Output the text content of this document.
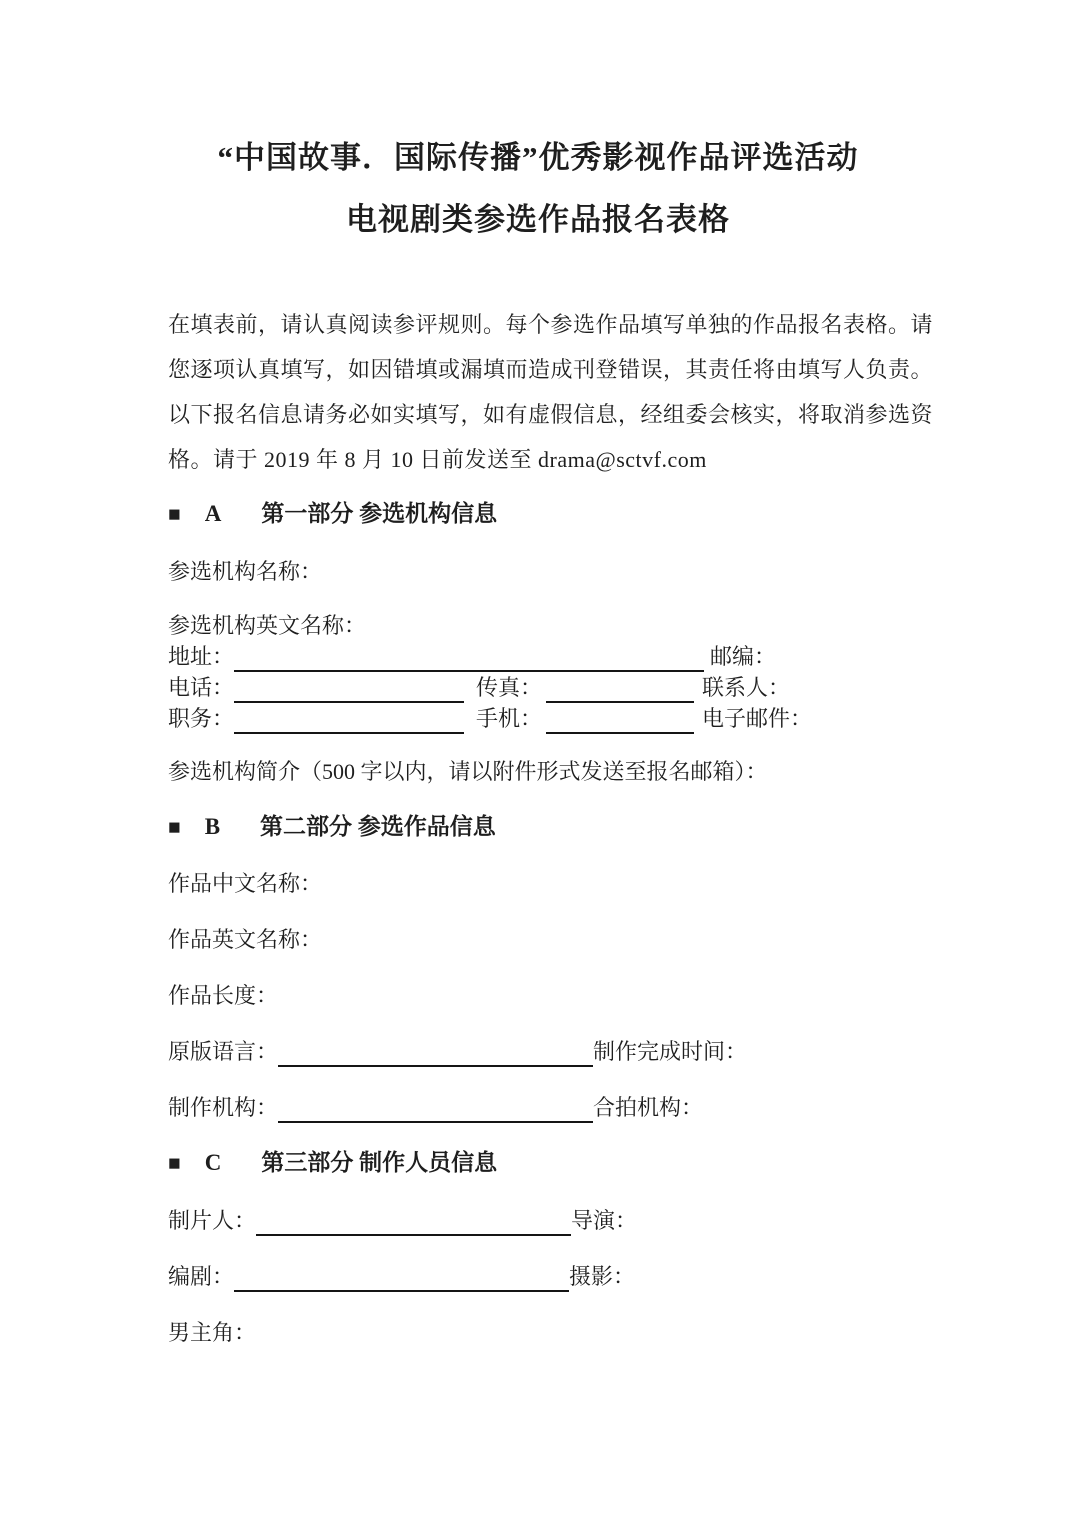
“中国故事．国际传播”优秀影视作品评选活动
电视剧类参选作品报名表格
在填表前，请认真阅读参评规则。每个参选作品填写单独的作品报名表格。请
您逐项认真填写，如因错填或漏填而造成刊登错误，其责任将由填写人负责。
以下报名信息请务必如实填写，如有虚假信息，经组委会核实，将取消参选资
格。请于 2019 年 8 月 10 日前发送至 drama@sctvf.com
■ A 第一部分 参选机构信息
参选机构名称：
参选机构英文名称：
地址：	邮编：
电话：	传真：	联系人：
职务：	手机：	电子邮件：
参选机构简介（500 字以内，请以附件形式发送至报名邮箱）：
■ B 第二部分 参选作品信息
作品中文名称：
作品英文名称：
作品长度：
原版语言：	制作完成时间：
制作机构：	合拍机构：
■ C 第三部分 制作人员信息
制片人：	导演：
编剧：	摄影：
男主角：
